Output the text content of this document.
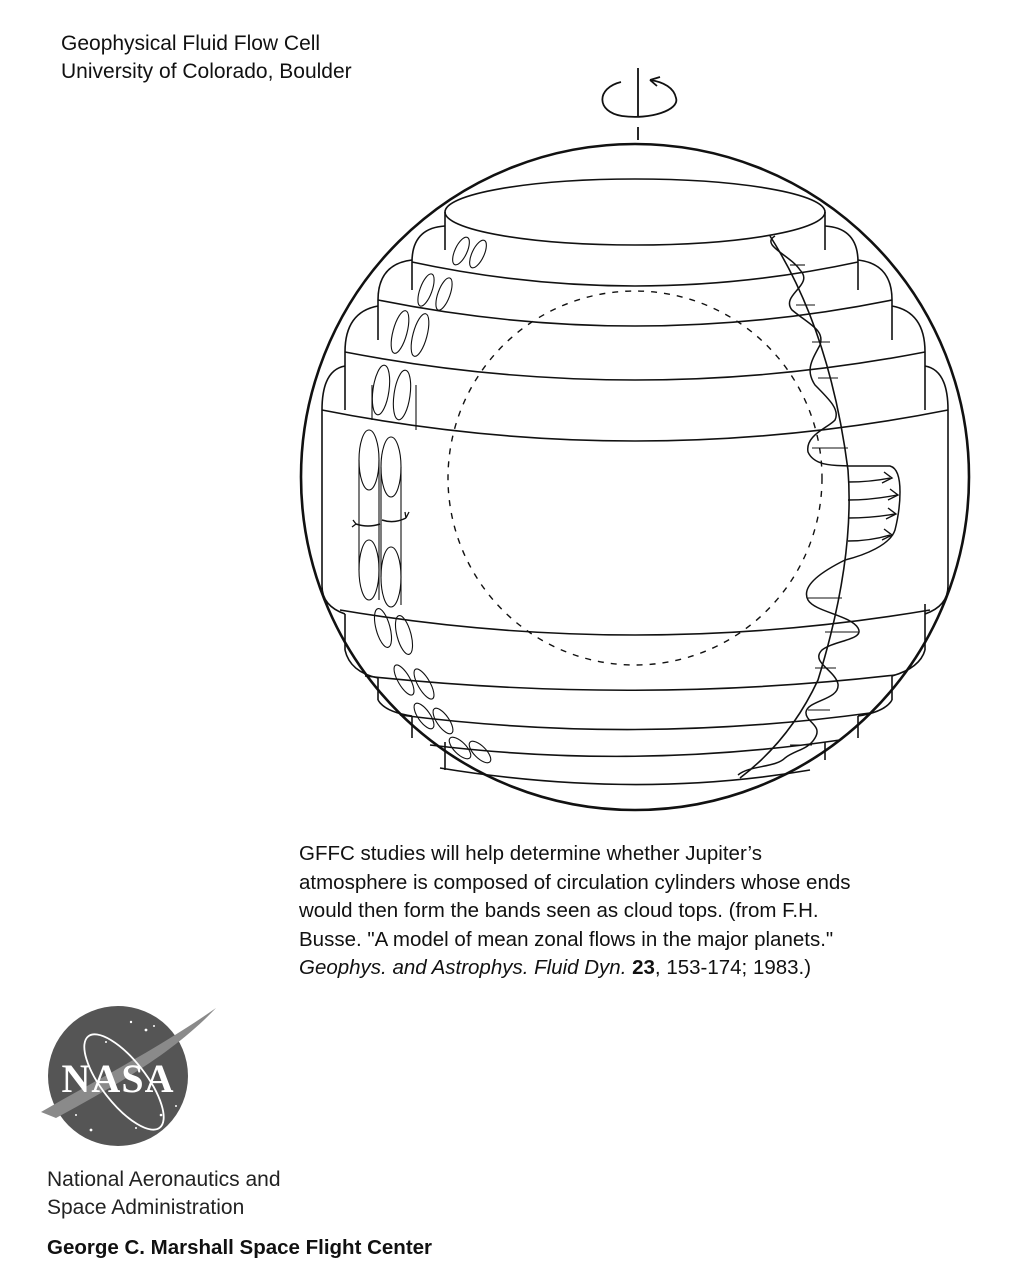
Geophysical Fluid Flow Cell
University of Colorado, Boulder
GFFC studies will help determine whether Jupiter’s
atmosphere is composed of circulation cylinders whose ends
would then form the bands seen as cloud tops. (from F.H.
Busse. "A model of mean zonal flows in the major planets."
Geophys. and Astrophys. Fluid Dyn. 23, 153-174; 1983.)
NASA
National Aeronautics and
Space Administration
George C. Marshall Space Flight Center
